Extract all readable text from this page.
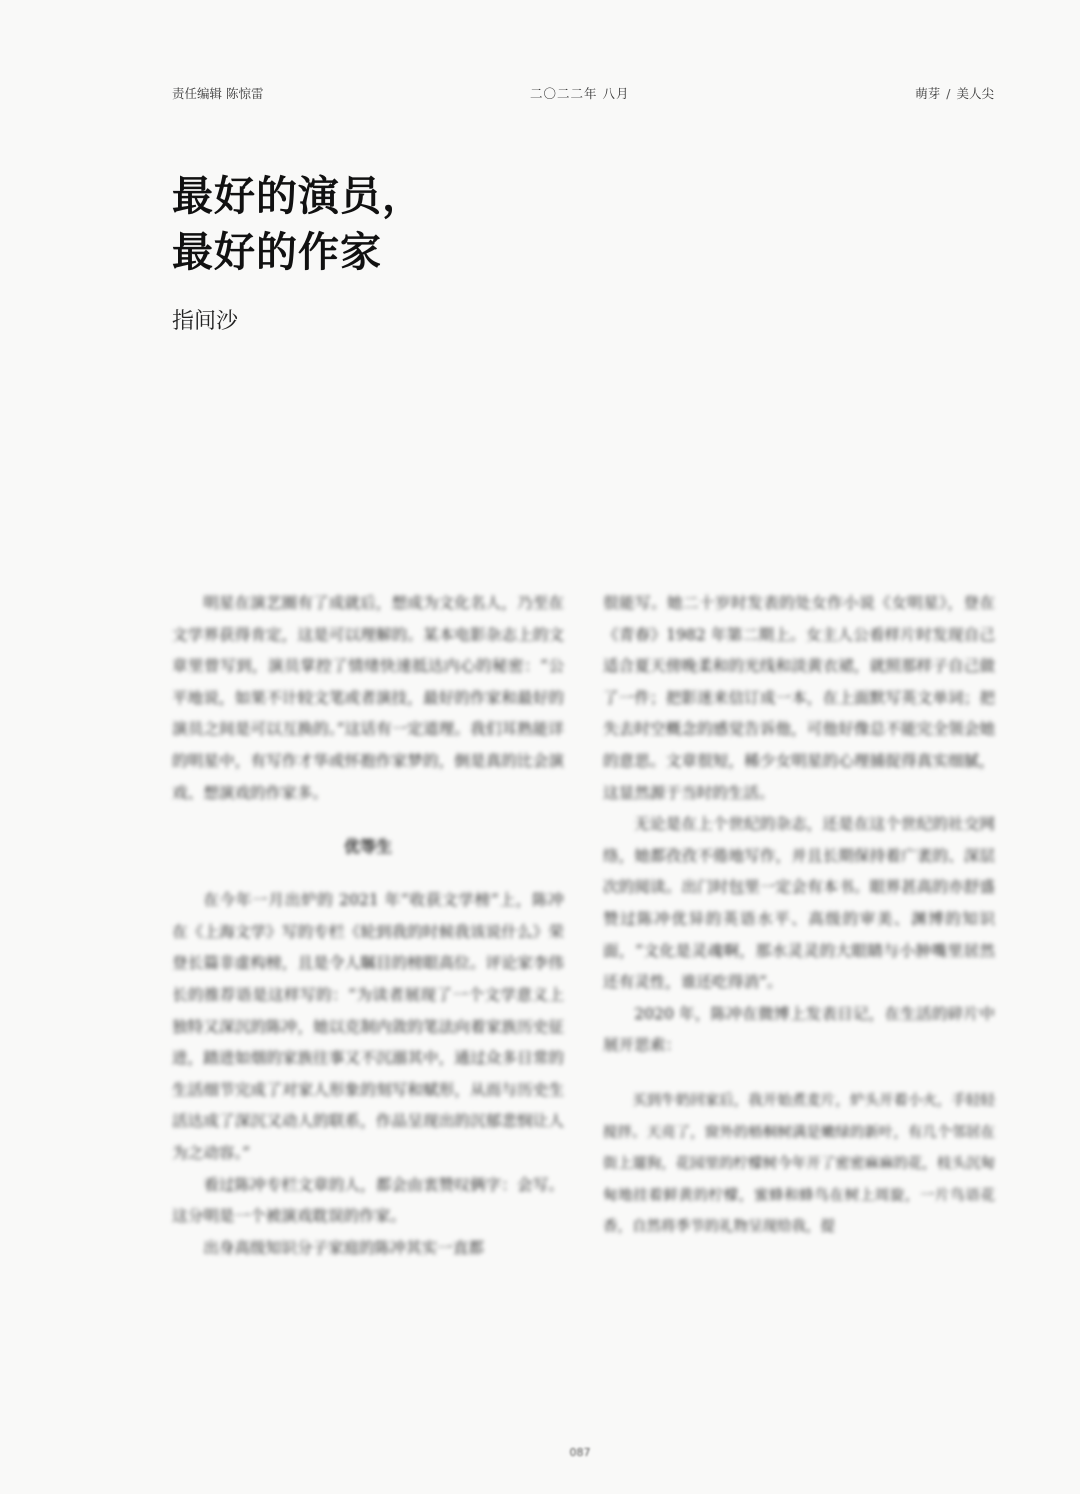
责任编辑 陈惊雷	二〇二二年 八月	萌芽 / 美人尖
最好的演员，
最好的作家
指间沙

明星在演艺圈有了成就后，想成为文化名人，乃至在文学界获得肯定，这是可以理解的。某本电影杂志上的文章里曾写到，演员掌控了情绪快速抵达内心的秘密：“公平地说，如果不计较文笔或者演技，最好的作家和最好的演员之间是可以互换的。”这话有一定道理。我们耳熟能详的明星中，有写作才华或怀抱作家梦的，倒是真的比会演戏、想演戏的作家多。

优等生

在今年一月出炉的 2021 年“收获文学榜”上，陈冲在《上海文学》写的专栏《轮到我的时候我该说什么》荣登长篇非虚构榜，且是令人瞩目的榜眼高位。评论家李伟长的推荐语是这样写的：“为读者展现了一个文学意义上独特又深沉的陈冲，她以克制内敛的笔法向着家族历史征进，踏进如烟的家族往事又不沉溺其中，通过众多日常的生活细节完成了对家人形象的刻写和赋形，从而与历史生活达成了深沉又动人的联系，作品呈现出的沉郁悲悯让人为之动容。”

看过陈冲专栏文章的人，都会由衷赞叹俩字：会写。这分明是一个被演戏耽误的作家。

出身高级知识分子家庭的陈冲其实一直都

很能写。她二十岁时发表的处女作小说《女明星》，登在《青春》1982 年第二期上。女主人公看样片时发现自己适合夏天傍晚柔和的光线和淡黄衣裙，就照那样子自己做了一件；把影迷来信订成一本，在上面默写英文单词；把失去时空概念的感觉告诉他，可他好像总不能完全领会她的意思。文章很短，稀少女明星的心理捕捉得真实细腻，这显然源于当时的生活。

无论是在上个世纪的杂志，还是在这个世纪的社交网络，她都孜孜不倦地写作，并且长期保持着广袤的、深层次的阅读。出门时包里一定会有本书。眼界甚高的亦舒盛赞过陈冲优异的英语水平、高级的审美、渊博的知识面，“文化是灵魂啊，那水灵灵的大眼睛与小肿嘴里居然还有灵性，谁还吃得消”。

2020 年，陈冲在微博上发表日记，在生活的碎片中展开思索：

买到牛奶回家后，我开始煮麦片，炉头开着小火，手轻轻搅拌。天亮了，窗外的梧桐树满是嫩绿的新叶，有几个邻居在街上遛狗，花园里的柠檬树今年开了密密麻麻的花，枝头沉甸甸地挂着鲜黄的柠檬，蜜蜂和蜂鸟在树上周旋，一片鸟语花香，自然将季节的礼物呈现给我，提
087
